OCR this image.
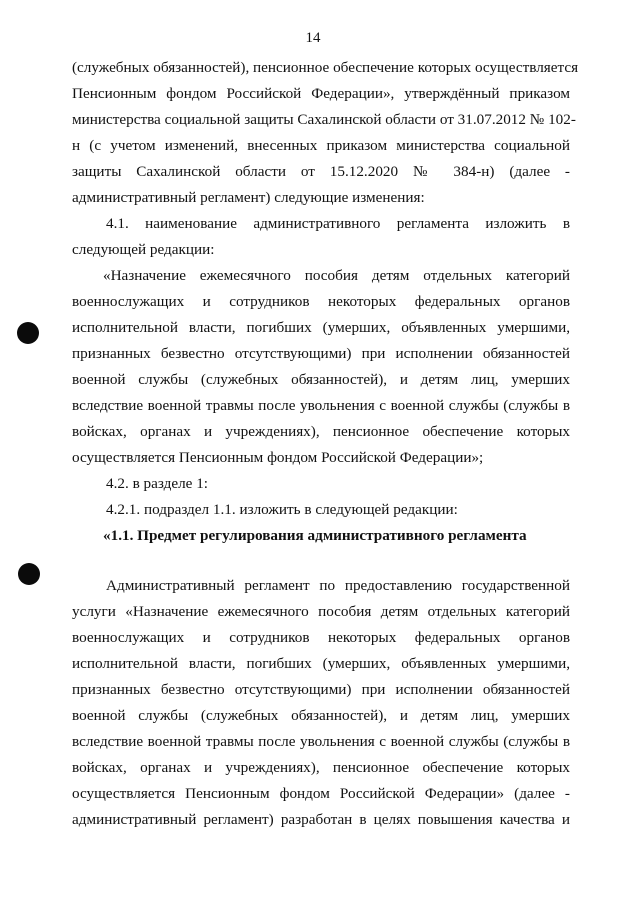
14
(служебных обязанностей), пенсионное обеспечение которых осуществляется
Пенсионным фондом Российской Федерации», утверждённый приказом
министерства социальной защиты Сахалинской области от 31.07.2012 № 102-
н (с учетом изменений, внесенных приказом министерства социальной
защиты Сахалинской области от 15.12.2020 № 384-н) (далее -
административный регламент) следующие изменения:
4.1. наименование административного регламента изложить в
следующей редакции:
«Назначение ежемесячного пособия детям отдельных категорий
военнослужащих и сотрудников некоторых федеральных органов
исполнительной власти, погибших (умерших, объявленных умершими,
признанных безвестно отсутствующими) при исполнении обязанностей
военной службы (служебных обязанностей), и детям лиц, умерших
вследствие военной травмы после увольнения с военной службы (службы в
войсках, органах и учреждениях), пенсионное обеспечение которых
осуществляется Пенсионным фондом Российской Федерации»;
4.2. в разделе 1:
4.2.1. подраздел 1.1. изложить в следующей редакции:
«1.1. Предмет регулирования административного регламента
Административный регламент по предоставлению государственной
услуги «Назначение ежемесячного пособия детям отдельных категорий
военнослужащих и сотрудников некоторых федеральных органов
исполнительной власти, погибших (умерших, объявленных умершими,
признанных безвестно отсутствующими) при исполнении обязанностей
военной службы (служебных обязанностей), и детям лиц, умерших
вследствие военной травмы после увольнения с военной службы (службы в
войсках, органах и учреждениях), пенсионное обеспечение которых
осуществляется Пенсионным фондом Российской Федерации» (далее -
административный регламент) разработан в целях повышения качества и
